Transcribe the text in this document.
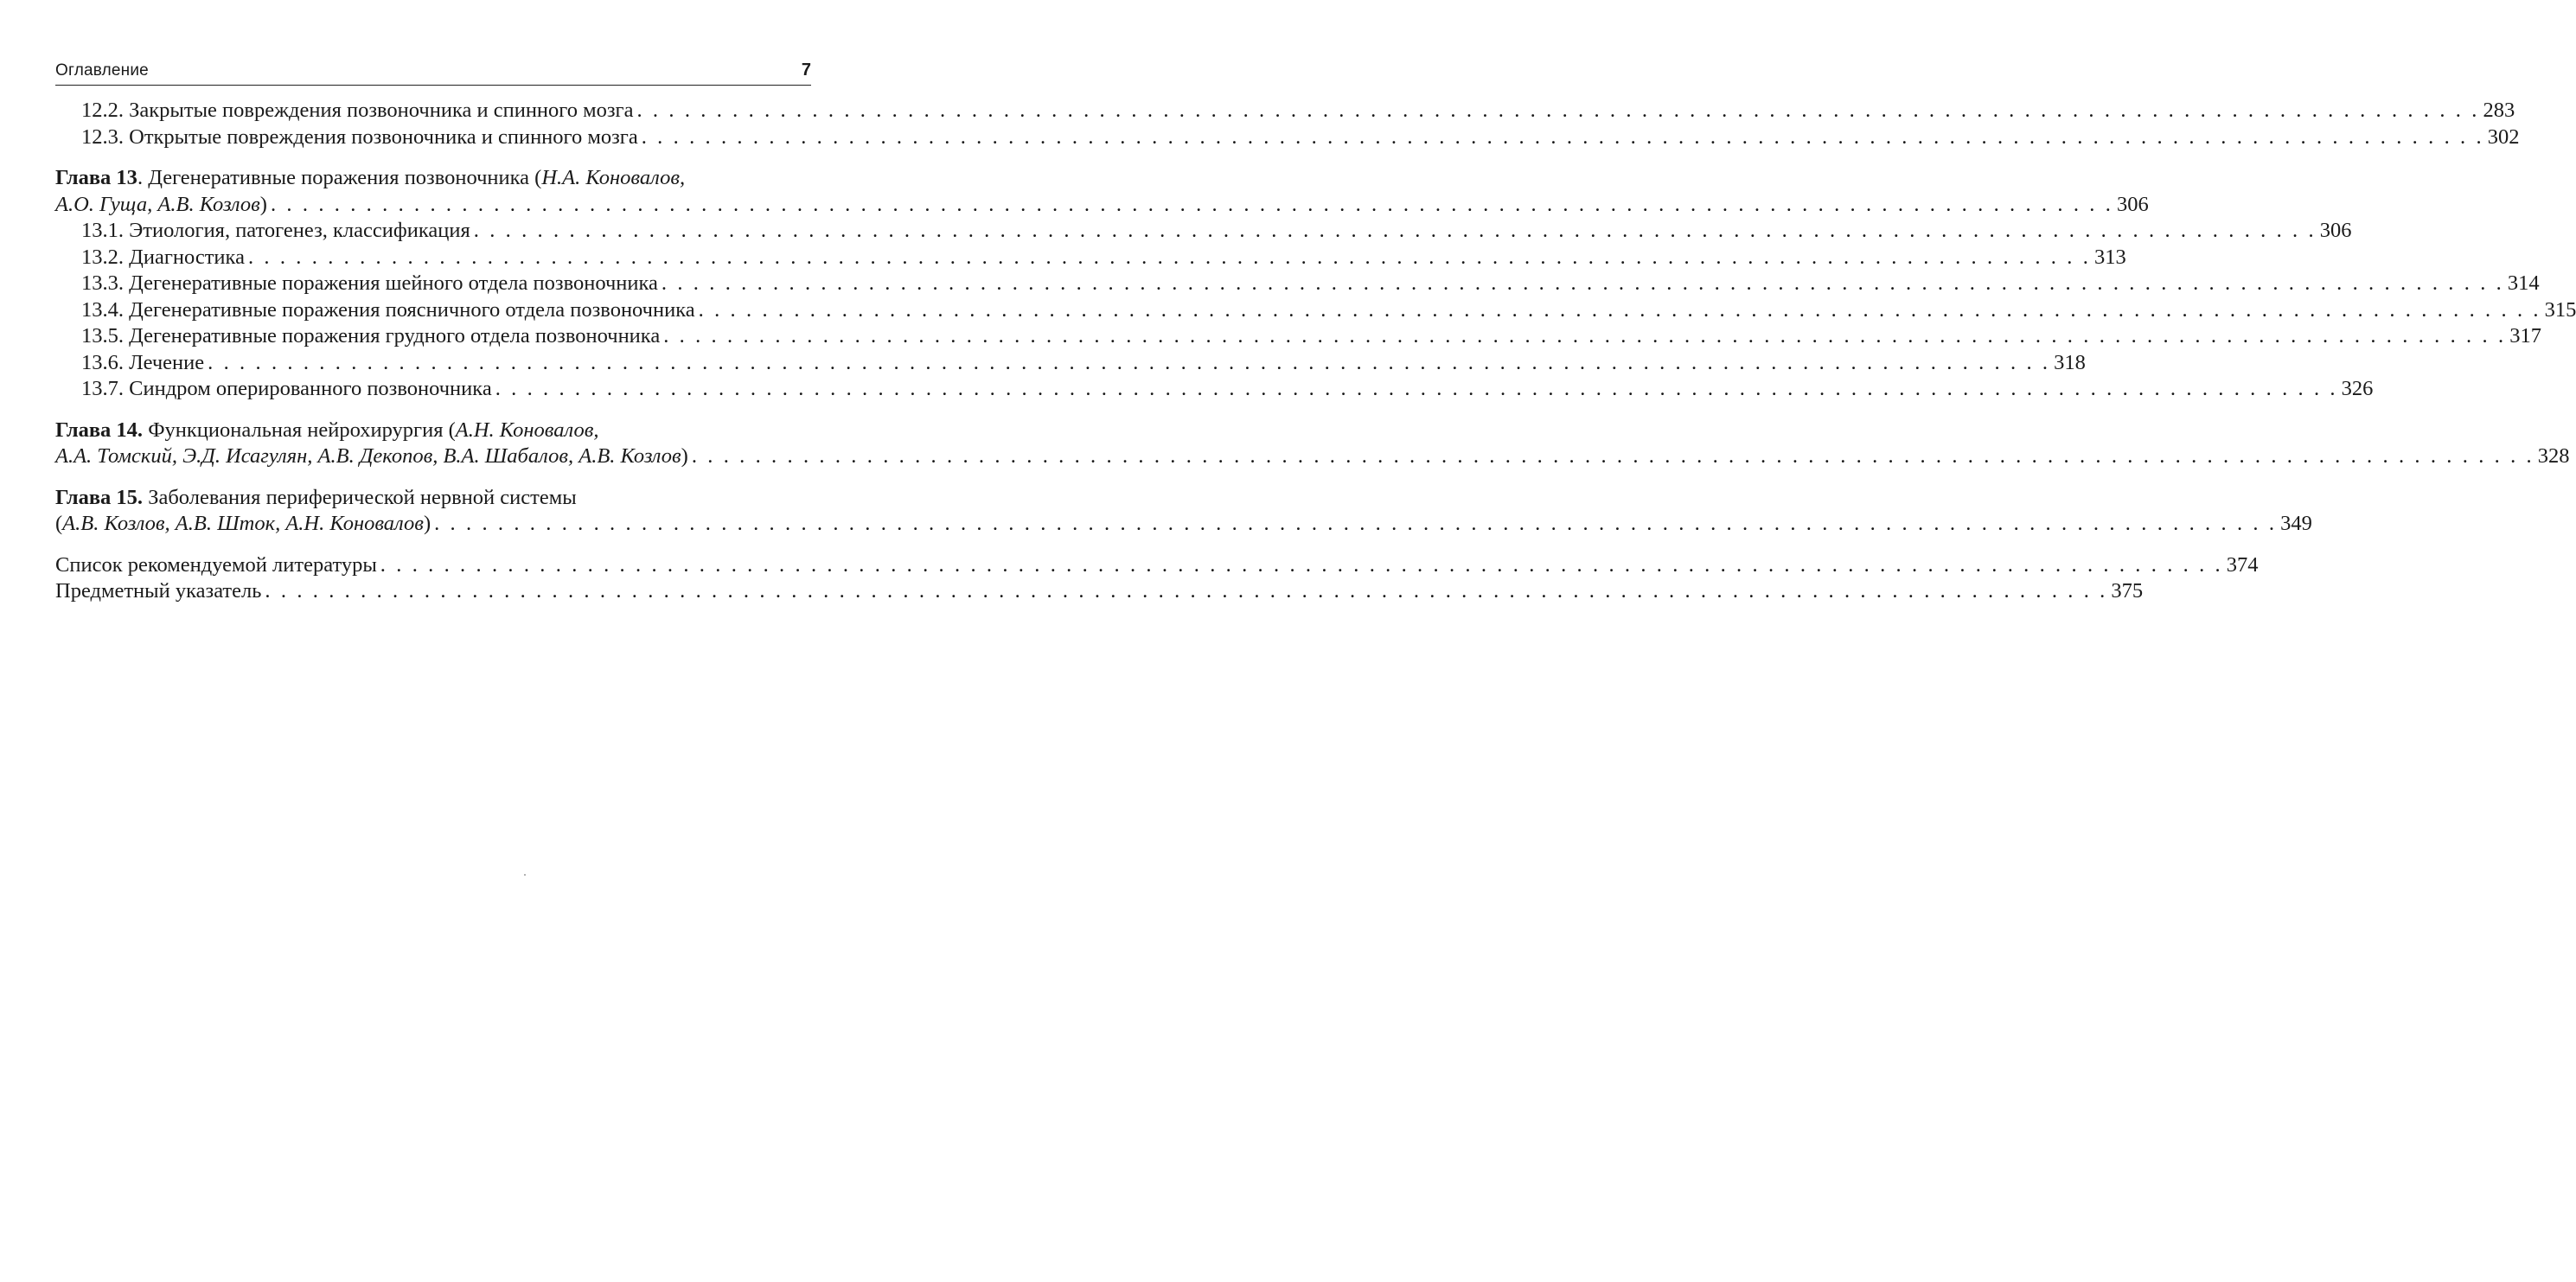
Оглавление	7
12.2. Закрытые повреждения позвоночника и спинного мозга . . .	283
12.3. Открытые повреждения позвоночника и спинного мозга . . .	302
Глава 13. Дегенеративные поражения позвоночника (Н.А. Коновалов,
А.О. Гуща, А.В. Козлов) . . .	306
13.1. Этиология, патогенез, классификация . . .	306
13.2. Диагностика . . .	313
13.3. Дегенеративные поражения шейного отдела позвоночника . . .	314
13.4. Дегенеративные поражения поясничного отдела позвоночника . . .	315
13.5. Дегенеративные поражения грудного отдела позвоночника . . .	317
13.6. Лечение . . .	318
13.7. Синдром оперированного позвоночника . . .	326
Глава 14. Функциональная нейрохирургия (А.Н. Коновалов,
А.А. Томский, Э.Д. Исагулян, А.В. Декопов, В.А. Шабалов, А.В. Козлов) . . .	328
Глава 15. Заболевания периферической нервной системы
(А.В. Козлов, А.В. Шток, А.Н. Коновалов) . . .	349
Список рекомендуемой литературы . . .	374
Предметный указатель . . .	375
